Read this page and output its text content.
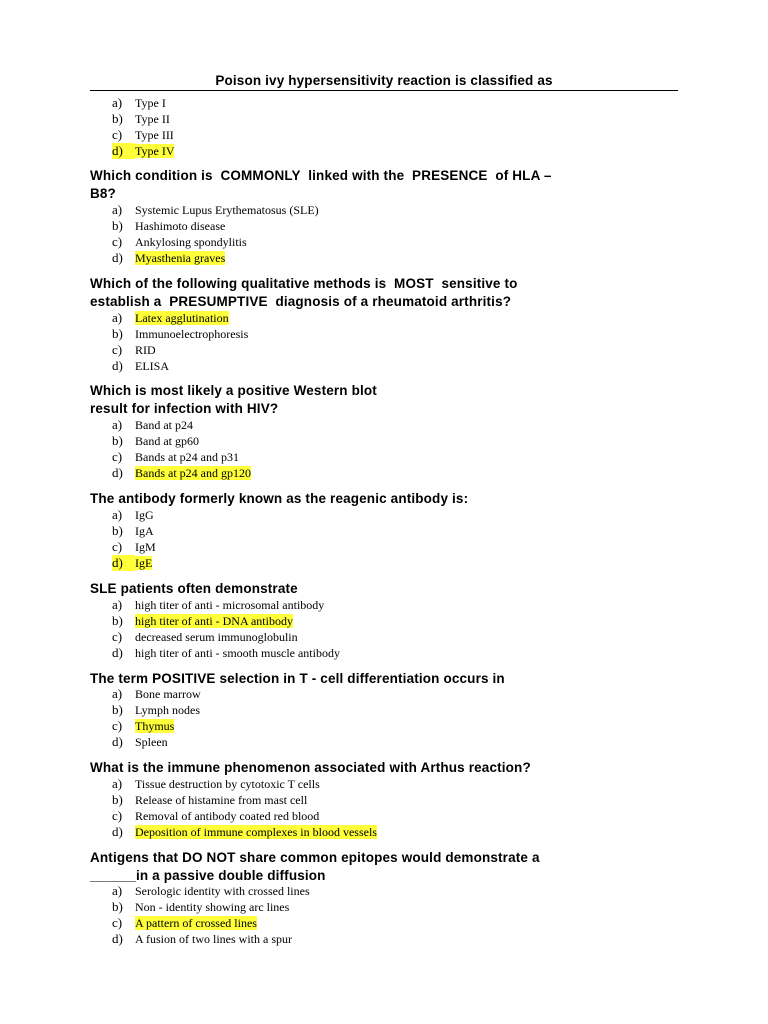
Poison ivy hypersensitivity reaction is classified as
a) Type I
b) Type II
c) Type III
d) Type IV
Which condition is  COMMONLY  linked with the  PRESENCE  of HLA –
B8?
a) Systemic Lupus Erythematosus (SLE)
b) Hashimoto disease
c) Ankylosing spondylitis
d) Myasthenia graves
Which of the following qualitative methods is  MOST  sensitive to
establish a  PRESUMPTIVE  diagnosis of a rheumatoid arthritis?
a) Latex agglutination
b) Immunoelectrophoresis
c) RID
d) ELISA
Which is most likely a positive Western blot
result for infection with HIV?
a) Band at p24
b) Band at gp60
c) Bands at p24 and p31
d) Bands at p24 and gp120
The antibody formerly known as the reagenic antibody is:
a) IgG
b) IgA
c) IgM
d) IgE
SLE patients often demonstrate
a) high titer of anti - microsomal antibody
b) high titer of anti - DNA antibody
c) decreased serum immunoglobulin
d) high titer of anti - smooth muscle antibody
The term POSITIVE selection in T - cell differentiation occurs in
a) Bone marrow
b) Lymph nodes
c) Thymus
d) Spleen
What is the immune phenomenon associated with Arthus reaction?
a) Tissue destruction by cytotoxic T cells
b) Release of histamine from mast cell
c) Removal of antibody coated red blood
d) Deposition of immune complexes in blood vessels
Antigens that DO NOT share common epitopes would demonstrate a
______in a passive double diffusion
a) Serologic identity with crossed lines
b) Non - identity showing arc lines
c) A pattern of crossed lines
d) A fusion of two lines with a spur
